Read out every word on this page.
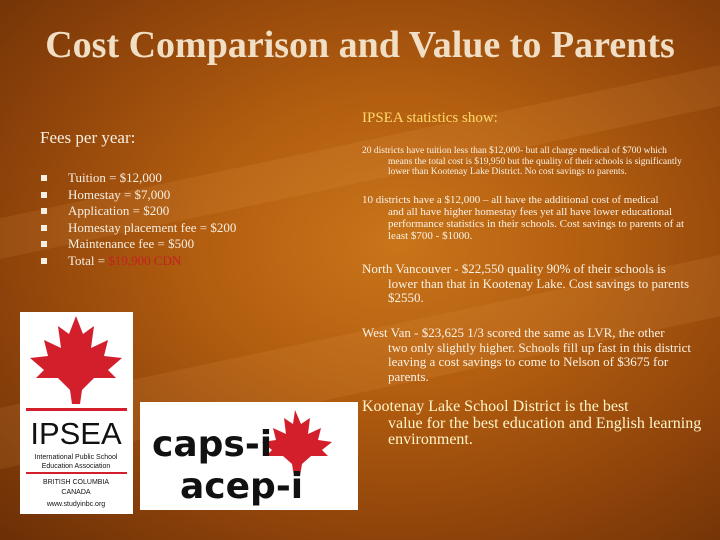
Cost Comparison and Value to Parents
IPSEA statistics show:
Fees per year:
Tuition = $12,000
Homestay = $7,000
Application = $200
Homestay placement fee = $200
Maintenance fee = $500
Total = $19,900 CDN

20 districts have tuition less than $12,000- but all charge medical of $700 which

means the total cost is $19,950 but the quality of their schools is significantly lower than Kootenay Lake District. No cost savings to parents.

10 districts have a $12,000 – all have the additional cost of medical

and all have higher homestay fees yet all have lower educational performance statistics in their schools. Cost savings to parents of at least $700 - $1000.

North Vancouver - $22,550 quality 90% of their schools is

lower than that in Kootenay Lake. Cost savings to parents $2550.

West Van - $23,625 1/3 scored the same as LVR, the other

two only slightly higher. Schools fill up fast in this district leaving a cost savings to come to Nelson of $3675 for parents.

Kootenay Lake School District is the best

value for the best education and English learning environment.

IPSEA
International Public School
Education Association
BRITISH COLUMBIA
CANADA
www.studyinbc.org
caps-i
acep-i
